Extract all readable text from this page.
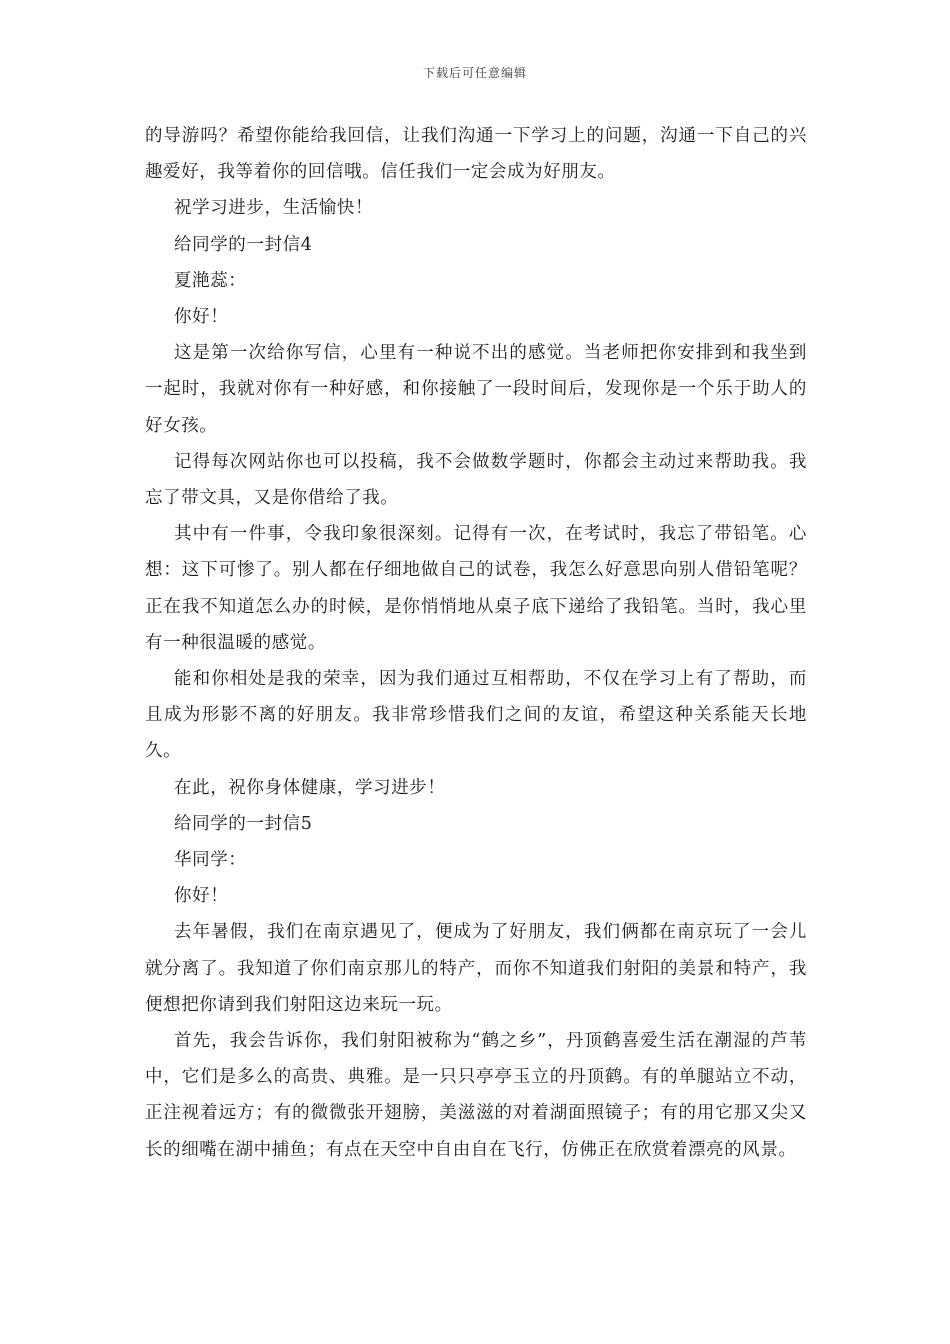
下载后可任意编辑

的导游吗？希望你能给我回信，让我们沟通一下学习上的问题，沟通一下自己的兴趣爱好，我等着你的回信哦。信任我们一定会成为好朋友。

祝学习进步，生活愉快！

给同学的一封信4

夏滟蕊：

你好！

这是第一次给你写信，心里有一种说不出的感觉。当老师把你安排到和我坐到一起时，我就对你有一种好感，和你接触了一段时间后，发现你是一个乐于助人的好女孩。

记得每次网站你也可以投稿，我不会做数学题时，你都会主动过来帮助我。我忘了带文具，又是你借给了我。

其中有一件事，令我印象很深刻。记得有一次，在考试时，我忘了带铅笔。心想：这下可惨了。别人都在仔细地做自己的试卷，我怎么好意思向别人借铅笔呢？正在我不知道怎么办的时候，是你悄悄地从桌子底下递给了我铅笔。当时，我心里有一种很温暖的感觉。

能和你相处是我的荣幸，因为我们通过互相帮助，不仅在学习上有了帮助，而且成为形影不离的好朋友。我非常珍惜我们之间的友谊，希望这种关系能天长地久。

在此，祝你身体健康，学习进步！

给同学的一封信5

华同学：

你好！

去年暑假，我们在南京遇见了，便成为了好朋友，我们俩都在南京玩了一会儿就分离了。我知道了你们南京那儿的特产，而你不知道我们射阳的美景和特产，我便想把你请到我们射阳这边来玩一玩。

首先，我会告诉你，我们射阳被称为“鹤之乡”，丹顶鹤喜爱生活在潮湿的芦苇中，它们是多么的高贵、典雅。是一只只亭亭玉立的丹顶鹤。有的单腿站立不动，正注视着远方；有的微微张开翅膀，美滋滋的对着湖面照镜子；有的用它那又尖又长的细嘴在湖中捕鱼；有点在天空中自由自在飞行，仿佛正在欣赏着漂亮的风景。
